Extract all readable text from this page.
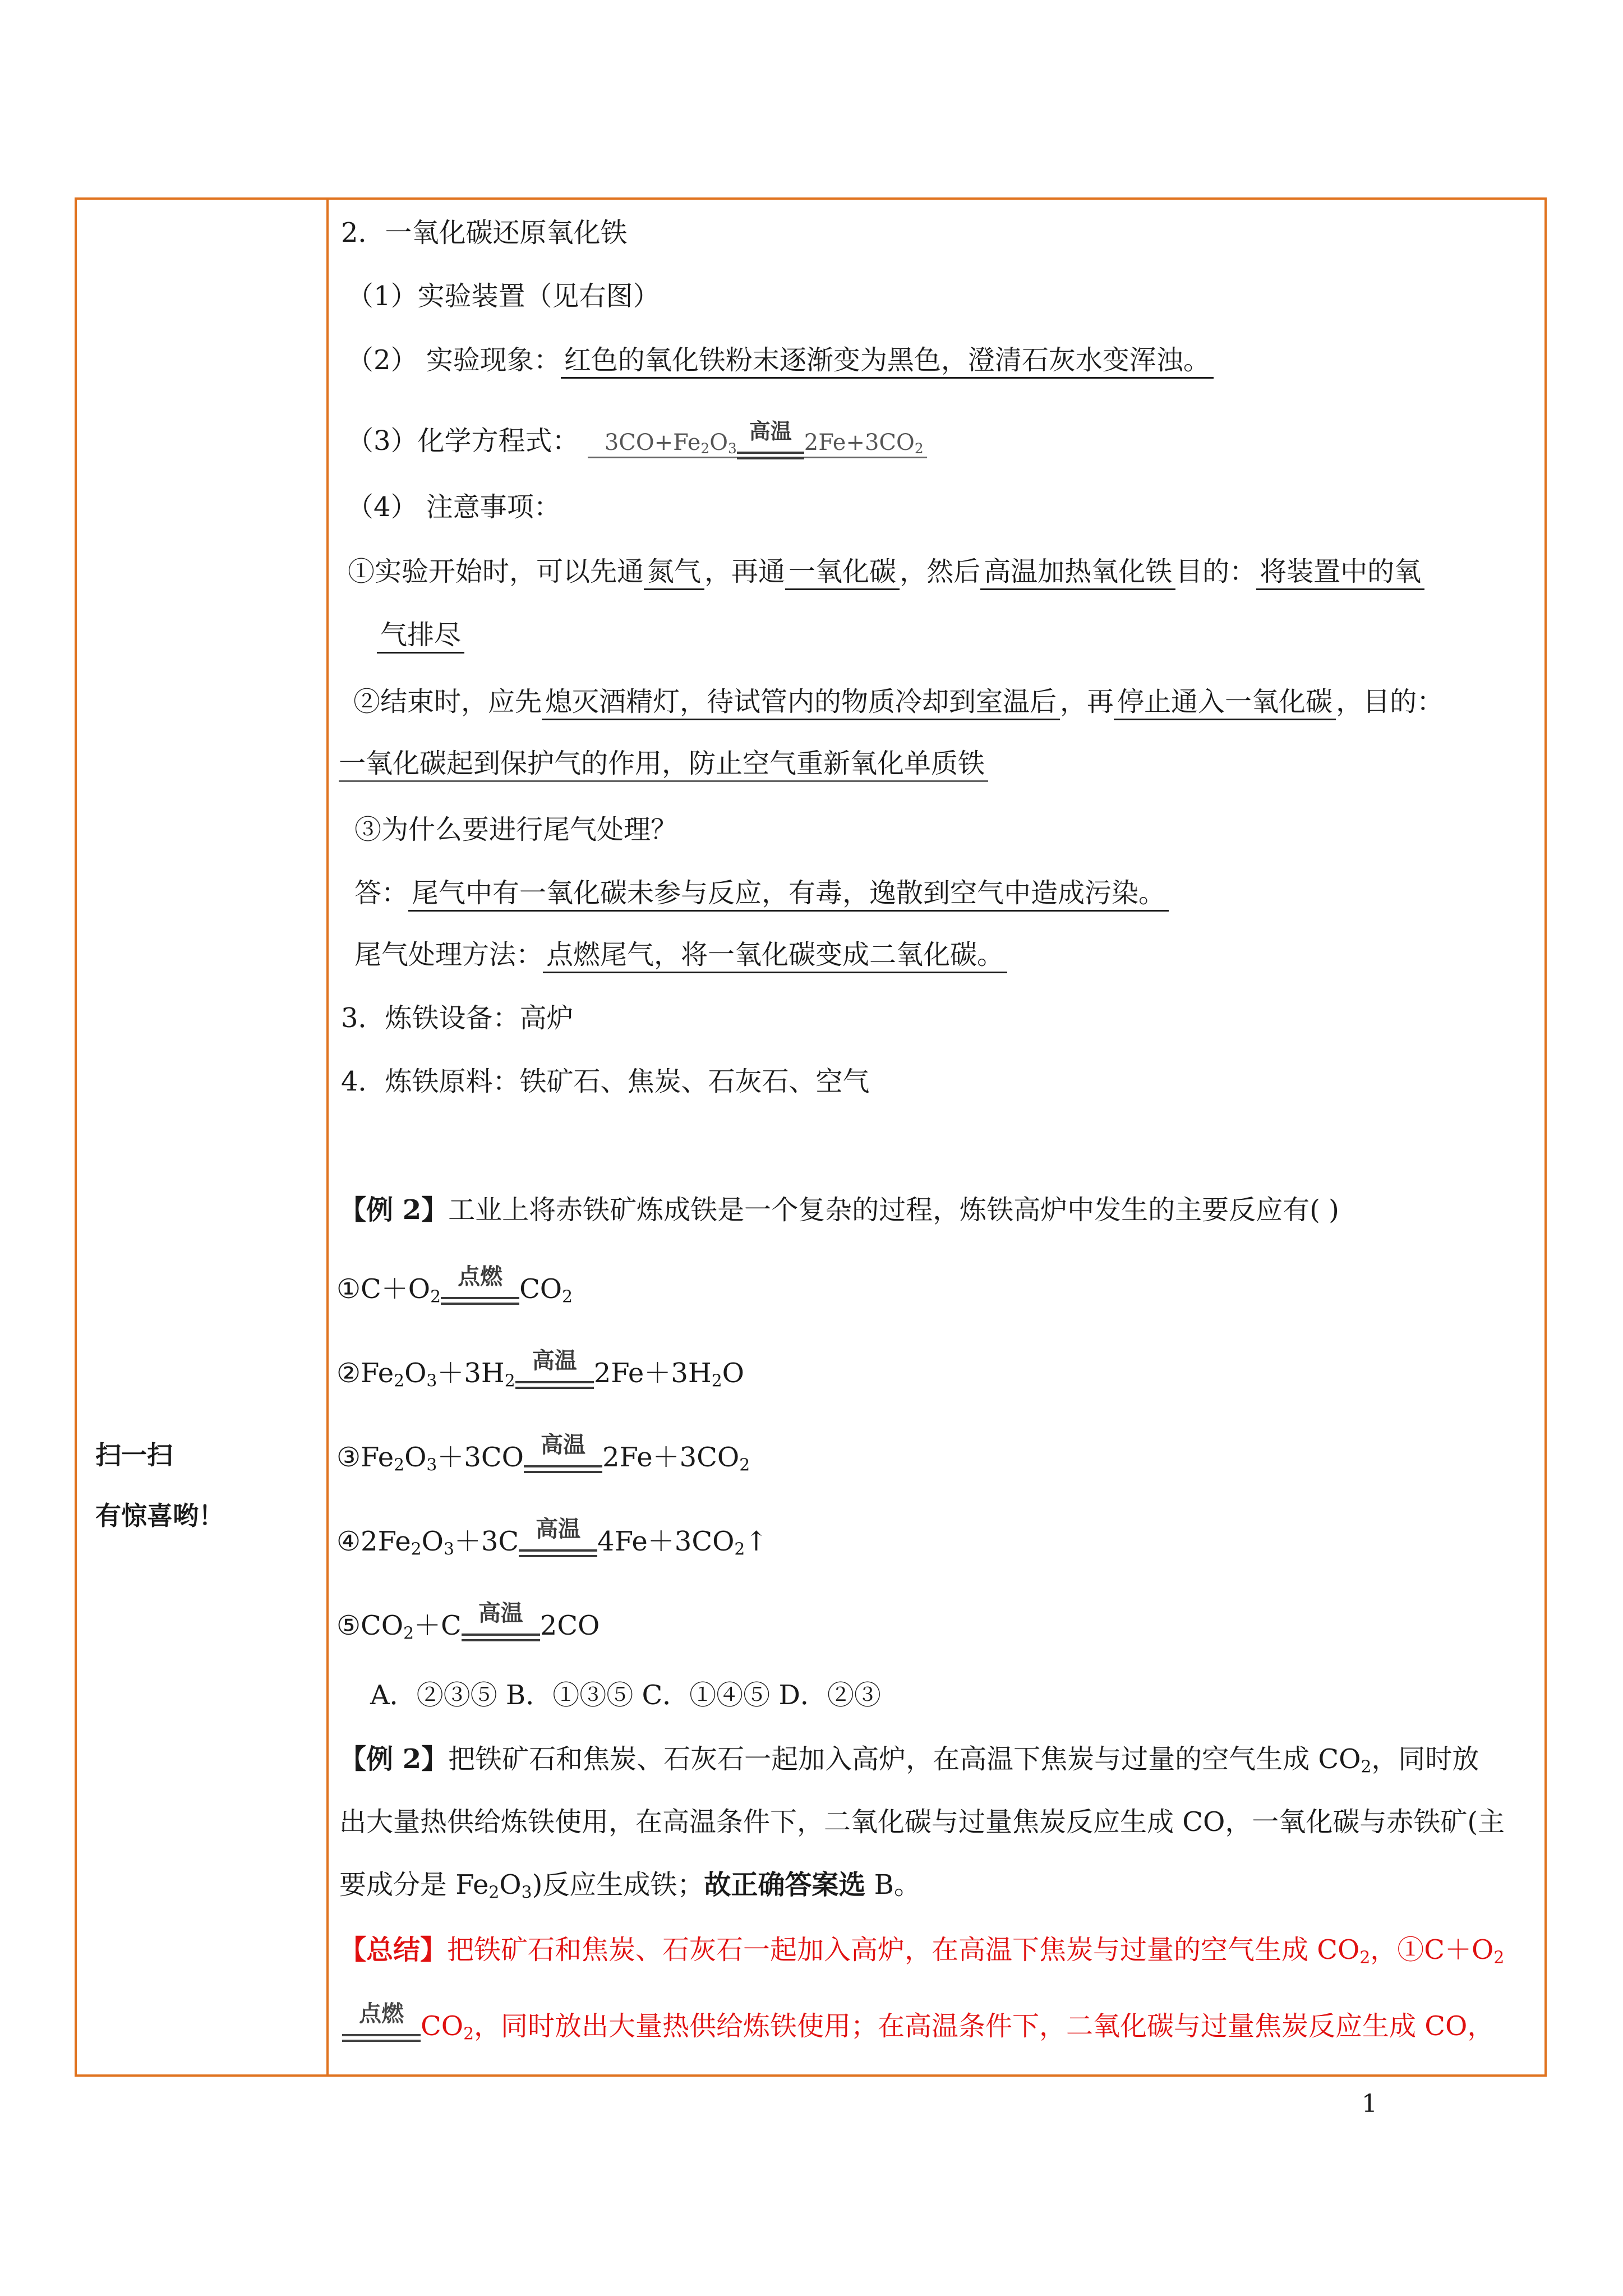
扫一扫
有惊喜哟！
2．一氧化碳还原氧化铁
（1）实验装置（见右图）
（2） 实验现象： 红色的氧化铁粉末逐渐变为黑色，澄清石灰水变浑浊。
（3）化学方程式： $3CO+Fe_2O_3$
高温 $2Fe+3CO_2$
（4） 注意事项：
①实验开始时，可以先通 氮气 ，再通 一氧化碳 ，然后 高温加热氧化铁 目的： 将装置中的氧
气排尽
②结束时，应先 熄灭酒精灯，待试管内的物质冷却到室温后 ，再 停止通入一氧化碳 ，目的：
一氧化碳起到保护气的作用，防止空气重新氧化单质铁
③为什么要进行尾气处理？
答： 尾气中有一氧化碳未参与反应，有毒，逸散到空气中造成污染。
尾气处理方法： 点燃尾气，将一氧化碳变成二氧化碳。
3．炼铁设备：高炉
4．炼铁原料：铁矿石、焦炭、石灰石、空气
【例 2】工业上将赤铁矿炼成铁是一个复杂的过程，炼铁高炉中发生的主要反应有( )
$①C+O_2$
点燃 $CO_2$
$②Fe_2O_3+3H_2$
高温 $2Fe+3H_2O$
$③Fe_2O_3+3CO$ 高温 $2Fe+3CO_2$
$④2Fe_2O_3+3C$ 高温 $4Fe+3CO_2↑$
$⑤CO_2+C$ 高温 2CO
A．②③⑤ B．①③⑤ C．①④⑤ D．②③
【例 2】把铁矿石和焦炭、石灰石一起加入高炉，在高温下焦炭与过量的空气生成 $CO_2$，同时放
出大量热供给炼铁使用，在高温条件下，二氧化碳与过量焦炭反应生成 CO，一氧化碳与赤铁矿(主
要成分是 $Fe_2O_3$)反应生成铁；故正确答案选 B。
【总结】把铁矿石和焦炭、石灰石一起加入高炉，在高温下焦炭与过量的空气生成 $CO_2$，$①C+O_2$
点燃 $CO_2$，同时放出大量热供给炼铁使用；在高温条件下，二氧化碳与过量焦炭反应生成 CO，
1
